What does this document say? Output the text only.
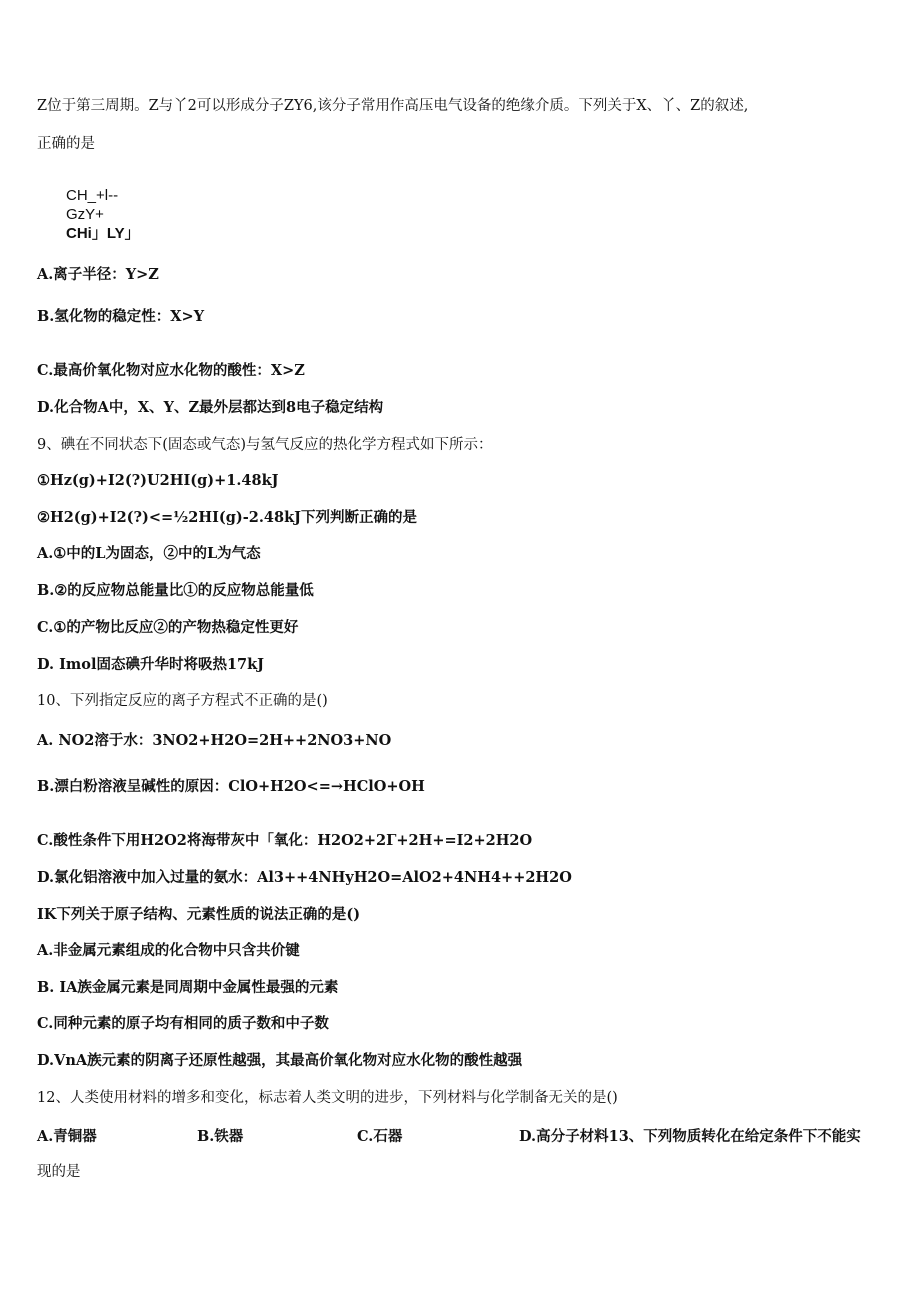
Z位于第三周期。Z与丫2可以形成分子ZY6,该分子常用作高压电气设备的绝缘介质。下列关于X、丫、Z的叙述,
正确的是
CH_+l--
GzY+
CHi」LY」
A.离子半径：Y>Z
B.氢化物的稳定性：X>Y
C.最高价氧化物对应水化物的酸性：X>Z
D.化合物A中，X、Y、Z最外层都达到8电子稳定结构
9、碘在不同状态下(固态或气态)与氢气反应的热化学方程式如下所示：
①Hz(g)+I2(?)U2HI(g)+1.48kJ
②H2(g)+I2(?)<=½2HI(g)-2.48kJ下列判断正确的是
A.①中的L为固态，②中的L为气态
B.②的反应物总能量比①的反应物总能量低
C.①的产物比反应②的产物热稳定性更好
D. Imol固态碘升华时将吸热17kJ
10、下列指定反应的离子方程式不正确的是()
A. NO2溶于水：3NO2+H2O=2H++2NO3+NO
B.漂白粉溶液呈碱性的原因：ClO+H2O<=→HClO+OH
C.酸性条件下用H2O2将海带灰中「氧化：H2O2+2Γ+2H+=I2+2H2O
D.氯化铝溶液中加入过量的氨水：Al3++4NHyH2O=AlO2+4NH4++2H2O
IK下列关于原子结构、元素性质的说法正确的是()
A.非金属元素组成的化合物中只含共价键
B. IA族金属元素是同周期中金属性最强的元素
C.同种元素的原子均有相同的质子数和中子数
D.VnA族元素的阴离子还原性越强，其最高价氧化物对应水化物的酸性越强
12、人类使用材料的增多和变化，标志着人类文明的进步，下列材料与化学制备无关的是()
A.青铜器	B.铁器	C.石器	D.高分子材料13、下列物质转化在给定条件下不能实
现的是
